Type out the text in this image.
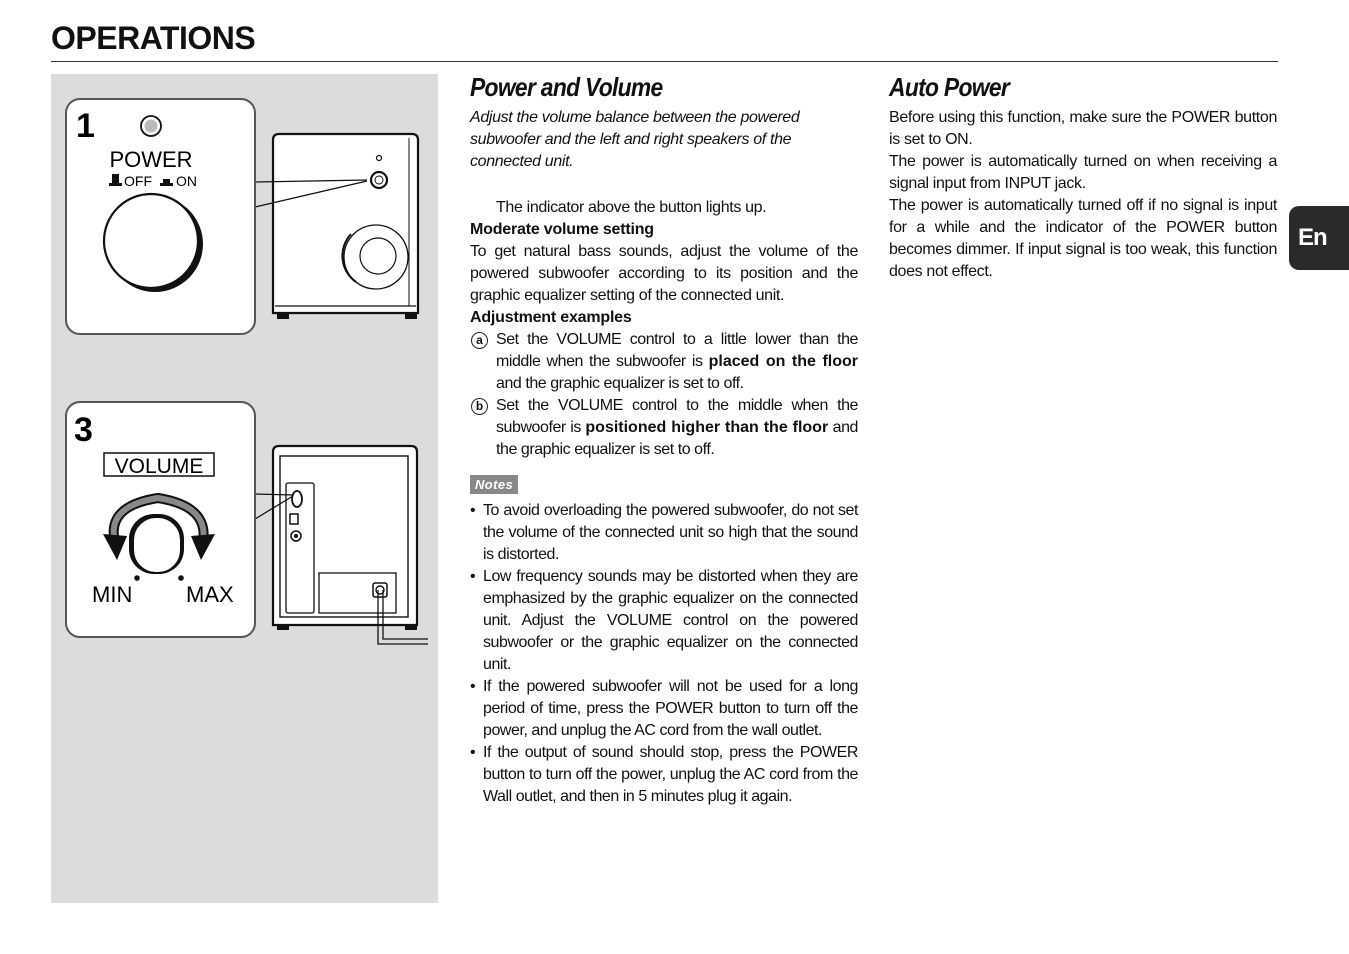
OPERATIONS
1
POWER
OFF ON
3
VOLUME
MIN MAX
Power and Volume

Adjust the volume balance between the powered subwoofer and the left and right speakers of the connected unit.

The indicator above the button lights up.

Moderate volume setting

To get natural bass sounds, adjust the volume of the powered subwoofer according to its position and the graphic equalizer setting of the connected unit.

Adjustment examples
a Set the VOLUME control to a little lower than the middle when the subwoofer is placed on the floor and the graphic equalizer is set to off.
b Set the VOLUME control to the middle when the subwoofer is positioned higher than the floor and the graphic equalizer is set to off.
Notes
• To avoid overloading the powered subwoofer, do not set the volume of the connected unit so high that the sound is distorted.
• Low frequency sounds may be distorted when they are emphasized by the graphic equalizer on the connected unit. Adjust the VOLUME control on the powered subwoofer or the graphic equalizer on the connected unit.
• If the powered subwoofer will not be used for a long period of time, press the POWER button to turn off the power, and unplug the AC cord from the wall outlet.
• If the output of sound should stop, press the POWER button to turn off the power, unplug the AC cord from the Wall outlet, and then in 5 minutes plug it again.
Auto Power

Before using this function, make sure the POWER button is set to ON.

The power is automatically turned on when receiving a signal input from INPUT jack.

The power is automatically turned off if no signal is input for a while and the indicator of the POWER button becomes dimmer. If input signal is too weak, this function does not effect.

En
